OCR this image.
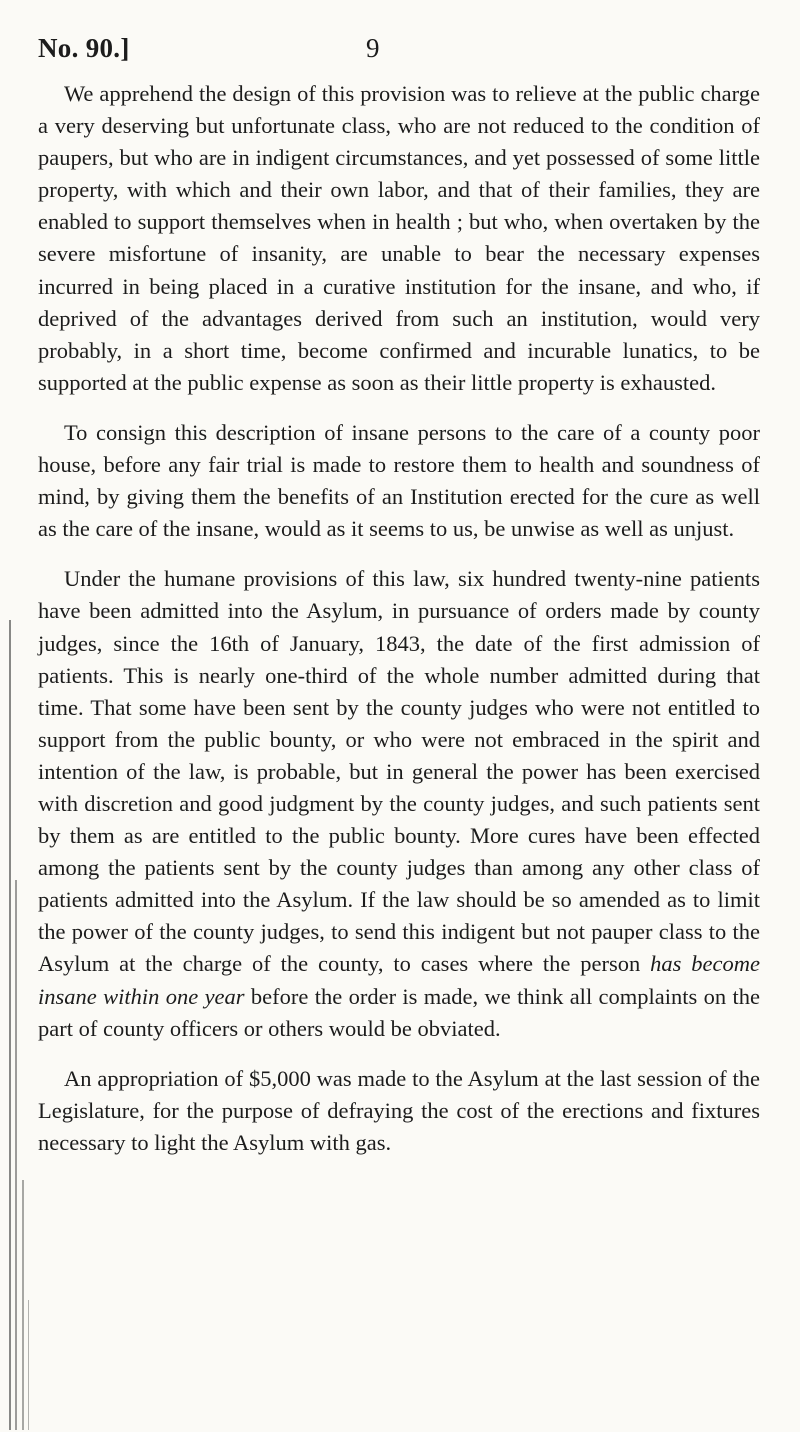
No. 90.]	9

We apprehend the design of this provision was to relieve at the public charge a very deserving but unfortunate class, who are not reduced to the condition of paupers, but who are in indigent circumstances, and yet possessed of some little property, with which and their own labor, and that of their families, they are enabled to support themselves when in health ; but who, when overtaken by the severe misfortune of insanity, are unable to bear the necessary expenses incurred in being placed in a curative institution for the insane, and who, if deprived of the advantages derived from such an institution, would very probably, in a short time, become confirmed and incurable lunatics, to be supported at the public expense as soon as their little property is exhausted.

To consign this description of insane persons to the care of a county poor house, before any fair trial is made to restore them to health and soundness of mind, by giving them the benefits of an Institution erected for the cure as well as the care of the insane, would as it seems to us, be unwise as well as unjust.

Under the humane provisions of this law, six hundred twenty-nine patients have been admitted into the Asylum, in pursuance of orders made by county judges, since the 16th of January, 1843, the date of the first admission of patients. This is nearly one-third of the whole number admitted during that time. That some have been sent by the county judges who were not entitled to support from the public bounty, or who were not embraced in the spirit and intention of the law, is probable, but in general the power has been exercised with discretion and good judgment by the county judges, and such patients sent by them as are entitled to the public bounty. More cures have been effected among the patients sent by the county judges than among any other class of patients admitted into the Asylum. If the law should be so amended as to limit the power of the county judges, to send this indigent but not pauper class to the Asylum at the charge of the county, to cases where the person has become insane within one year before the order is made, we think all complaints on the part of county officers or others would be obviated.

An appropriation of $5,000 was made to the Asylum at the last session of the Legislature, for the purpose of defraying the cost of the erections and fixtures necessary to light the Asylum with gas.
